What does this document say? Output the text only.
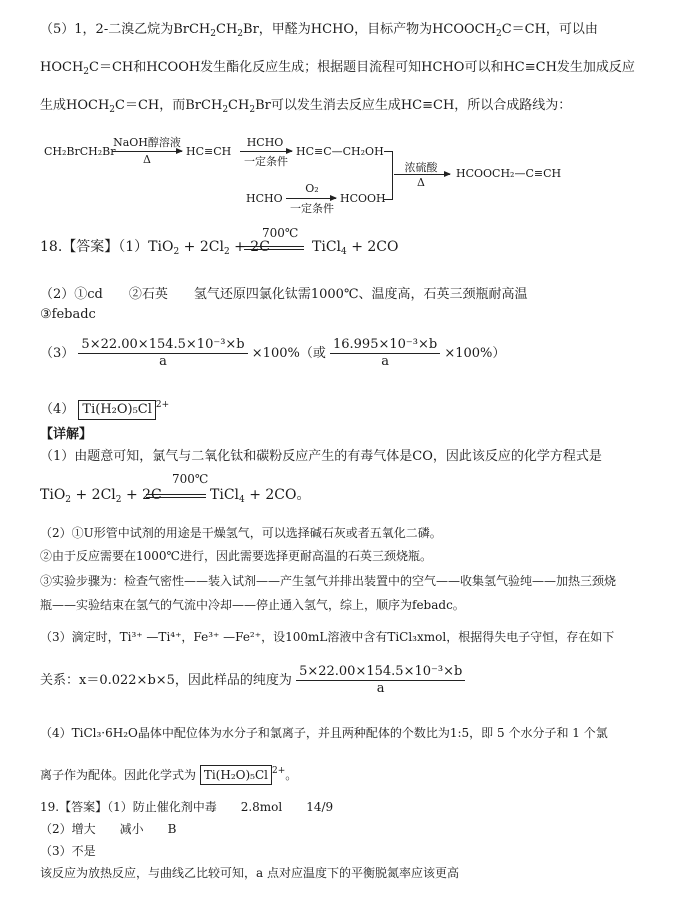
（5）1，2-二溴乙烷为$BrCH_2CH_2Br$，甲醛为HCHO，目标产物为$HCOOCH_2C=CH$，可以由
$HOCH_2C=CH$和HCOOH发生酯化反应生成；根据题目流程可知HCHO可以和HC≡CH发生加成反应
生成$HOCH_2C=CH$，而$BrCH_2CH_2Br$可以发生消去反应生成HC≡CH，所以合成路线为：
CH₂BrCH₂Br
NaOH醇溶液
Δ
HC≡CH
HCHO
一定条件
HC≡C—CH₂OH
HCHO
O₂
一定条件
HCOOH
浓硫酸
Δ
HCOOCH₂—C≡CH
18.【答案】$(1)TiO_2 + 2Cl_2 + 2C$
700℃
TiCl$_4$ + 2CO
（2）①cd　　②石英　　氢气还原四氯化钛需1000℃、温度高，石英三颈瓶耐高温
③febadc
$(3) \frac{\text{5×22.00×154.5×10⁻³×b}}{a} \times 100\%$（或 $\frac{\text{16.995×10⁻³×b}}{a} \times 100\%$）
（4） Ti(H₂O)₅Cl $^{2+}$
【详解】
（1）由题意可知，氯气与二氧化钛和碳粉反应产生的有毒气体是CO，因此该反应的化学方程式是
$TiO_2 + 2Cl_2 + 2C$
700℃
TiCl$_4$ + 2CO。
（2）①U形管中试剂的用途是干燥氢气，可以选择碱石灰或者五氧化二磷。
②由于反应需要在1000℃进行，因此需要选择更耐高温的石英三颈烧瓶。
③实验步骤为：检查气密性——装入试剂——产生氢气并排出装置中的空气——收集氢气验纯——加热三颈烧
瓶——实验结束在氢气的气流中冷却——停止通入氢气，综上，顺序为febadc。
（3）滴定时，Ti³⁺ —Ti⁴⁺，Fe³⁺ —Fe²⁺，设100mL溶液中含有TiCl₃xmol，根据得失电子守恒，存在如下
关系：x＝0.022×b×5，因此样品的纯度为 $\frac{\text{5×22.00×154.5×10⁻³×b}}{a}$
（4）TiCl₃·6H₂O晶体中配位体为水分子和氯离子，并且两种配体的个数比为1:5，即 5 个水分子和 1 个氯
离子作为配体。因此化学式为 Ti(H₂O)₅Cl $^{2+}$。
19.【答案】（1）防止催化剂中毒　　2.8mol　　14/9
（2）增大　　减小　　B
（3）不是
该反应为放热反应，与曲线乙比较可知，a 点对应温度下的平衡脱氮率应该更高
